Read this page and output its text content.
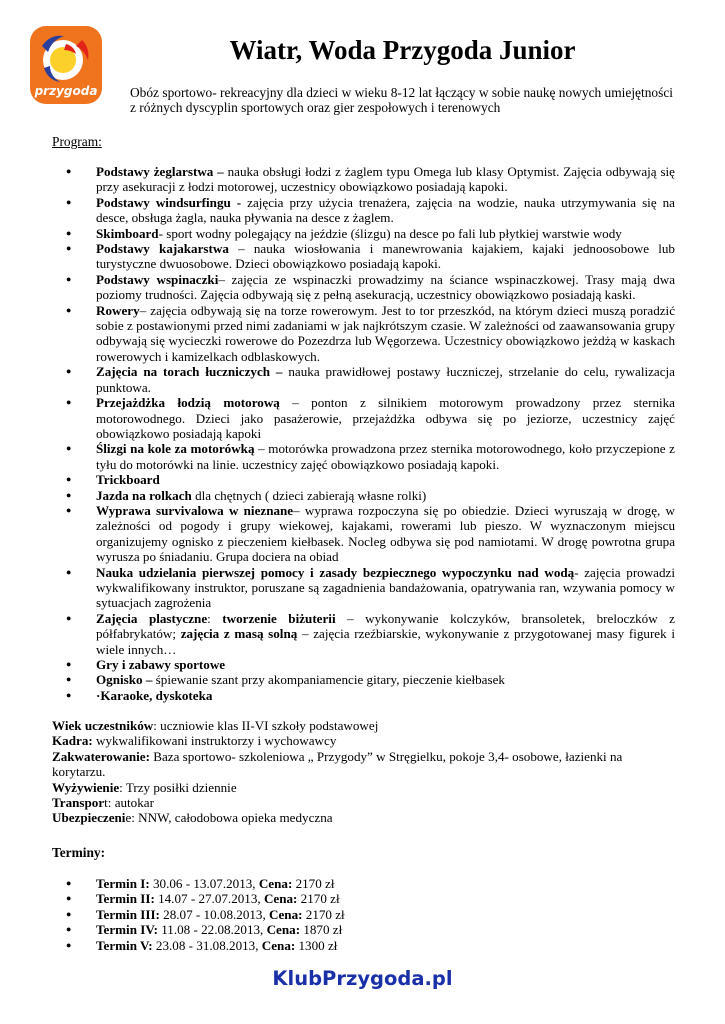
przygoda
Wiatr, Woda Przygoda Junior

Obóz sportowo- rekreacyjny dla dzieci w wieku 8-12 lat łączący w sobie naukę nowych umiejętności z różnych dyscyplin sportowych oraz gier zespołowych i terenowych

Program:

● Podstawy żeglarstwa – nauka obsługi łodzi z żaglem typu Omega lub klasy Optymist. Zajęcia odbywają się przy asekuracji z łodzi motorowej, uczestnicy obowiązkowo posiadają kapoki.
● Podstawy windsurfingu - zajęcia przy użycia trenażera, zajęcia na wodzie, nauka utrzymywania się na desce, obsługa żagla, nauka pływania na desce z żaglem.
● Skimboard- sport wodny polegający na jeździe (ślizgu) na desce po fali lub płytkiej warstwie wody
● Podstawy kajakarstwa – nauka wiosłowania i manewrowania kajakiem, kajaki jednoosobowe lub turystyczne dwuosobowe. Dzieci obowiązkowo posiadają kapoki.
● Podstawy wspinaczki– zajęcia ze wspinaczki prowadzimy na ściance wspinaczkowej. Trasy mają dwa poziomy trudności. Zajęcia odbywają się z pełną asekuracją, uczestnicy obowiązkowo posiadają kaski.
● Rowery– zajęcia odbywają się na torze rowerowym. Jest to tor przeszkód, na którym dzieci muszą poradzić sobie z postawionymi przed nimi zadaniami w jak najkrótszym czasie. W zależności od zaawansowania grupy odbywają się wycieczki rowerowe do Pozezdrza lub Węgorzewa. Uczestnicy obowiązkowo jeżdżą w kaskach rowerowych i kamizelkach odblaskowych.
● Zajęcia na torach łuczniczych – nauka prawidłowej postawy łuczniczej, strzelanie do celu, rywalizacja punktowa.
● Przejażdżka łodzią motorową – ponton z silnikiem motorowym prowadzony przez sternika motorowodnego. Dzieci jako pasażerowie, przejażdżka odbywa się po jeziorze, uczestnicy zajęć obowiązkowo posiadają kapoki
● Ślizgi na kole za motorówką – motorówka prowadzona przez sternika motorowodnego, koło przyczepione z tyłu do motorówki na linie. uczestnicy zajęć obowiązkowo posiadają kapoki.
● Trickboard
● Jazda na rolkach dla chętnych ( dzieci zabierają własne rolki)
● Wyprawa survivalowa w nieznane– wyprawa rozpoczyna się po obiedzie. Dzieci wyruszają w drogę, w zależności od pogody i grupy wiekowej, kajakami, rowerami lub pieszo. W wyznaczonym miejscu organizujemy ognisko z pieczeniem kiełbasek. Nocleg odbywa się pod namiotami. W drogę powrotna grupa wyrusza po śniadaniu. Grupa dociera na obiad
● Nauka udzielania pierwszej pomocy i zasady bezpiecznego wypoczynku nad wodą- zajęcia prowadzi wykwalifikowany instruktor, poruszane są zagadnienia bandażowania, opatrywania ran, wzywania pomocy w sytuacjach zagrożenia
● Zajęcia plastyczne: tworzenie biżuterii – wykonywanie kolczyków, bransoletek, breloczków z półfabrykatów; zajęcia z masą solną – zajęcia rzeźbiarskie, wykonywanie z przygotowanej masy figurek i wiele innych…
● Gry i zabawy sportowe
● Ognisko – śpiewanie szant przy akompaniamencie gitary, pieczenie kiełbasek
● ·Karaoke, dyskoteka

Wiek uczestników: uczniowie klas II-VI szkoły podstawowej

Kadra: wykwalifikowani instruktorzy i wychowawcy

Zakwaterowanie: Baza sportowo- szkoleniowa „ Przygody” w Stręgielku, pokoje 3,4- osobowe, łazienki na korytarzu.

Wyżywienie: Trzy posiłki dziennie

Transport: autokar

Ubezpieczenie: NNW, całodobowa opieka medyczna

Terminy:

● Termin I: 30.06 - 13.07.2013, Cena: 2170 zł
● Termin II: 14.07 - 27.07.2013, Cena: 2170 zł
● Termin III: 28.07 - 10.08.2013, Cena: 2170 zł
● Termin IV: 11.08 - 22.08.2013, Cena: 1870 zł
● Termin V: 23.08 - 31.08.2013, Cena: 1300 zł
KlubPrzygoda.pl
